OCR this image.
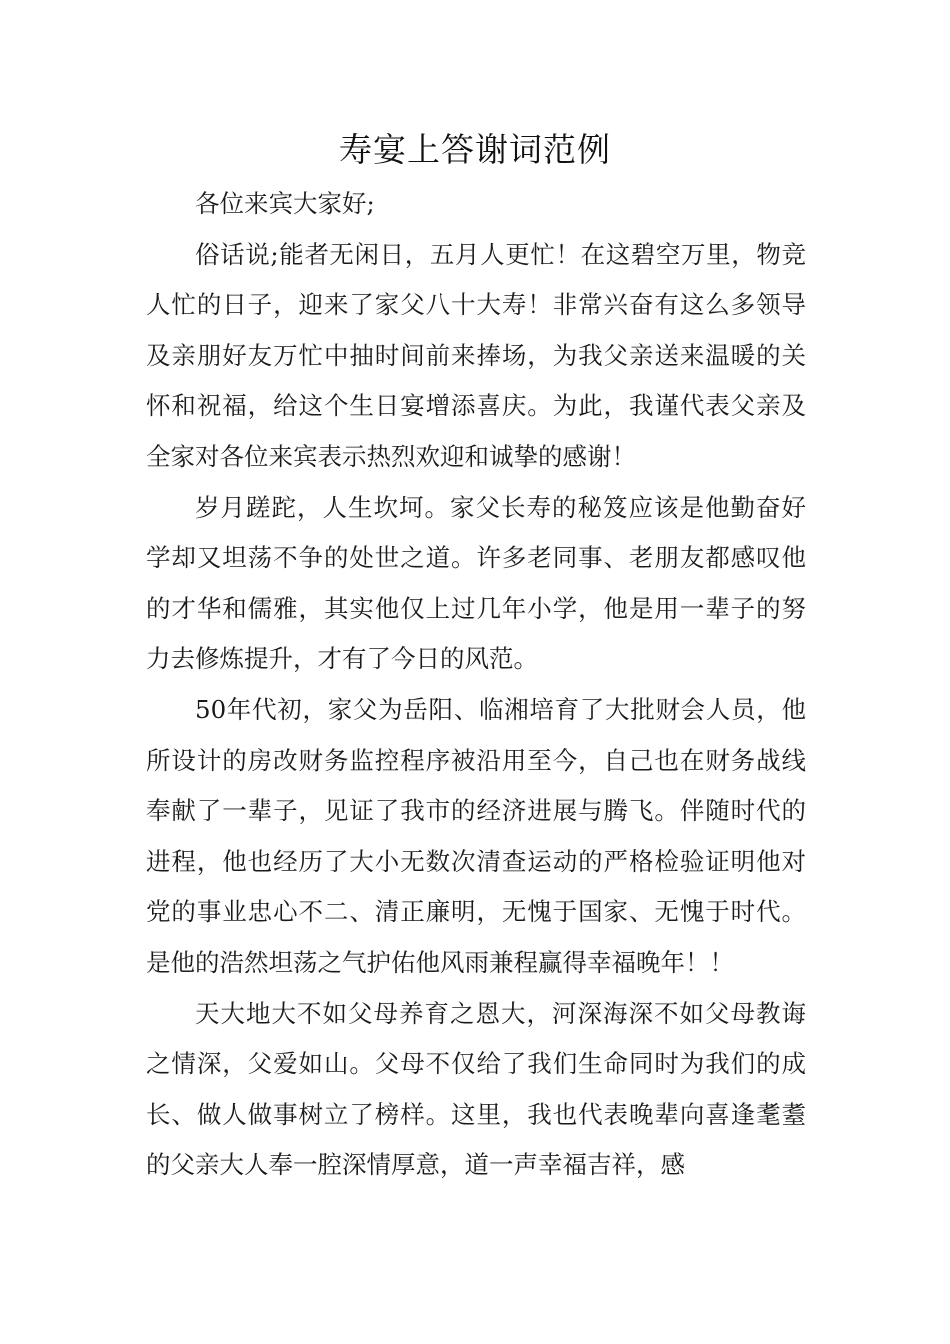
寿宴上答谢词范例

各位来宾大家好;

俗话说;能者无闲日，五月人更忙！在这碧空万里，物竞人忙的日子，迎来了家父八十大寿！非常兴奋有这么多领导及亲朋好友万忙中抽时间前来捧场，为我父亲送来温暖的关怀和祝福，给这个生日宴增添喜庆。为此，我谨代表父亲及全家对各位来宾表示热烈欢迎和诚挚的感谢！

岁月蹉跎，人生坎坷。家父长寿的秘笈应该是他勤奋好学却又坦荡不争的处世之道。许多老同事、老朋友都感叹他的才华和儒雅，其实他仅上过几年小学，他是用一辈子的努力去修炼提升，才有了今日的风范。

50年代初，家父为岳阳、临湘培育了大批财会人员，他所设计的房改财务监控程序被沿用至今，自己也在财务战线奉献了一辈子，见证了我市的经济进展与腾飞。伴随时代的进程，他也经历了大小无数次清查运动的严格检验证明他对党的事业忠心不二、清正廉明，无愧于国家、无愧于时代。是他的浩然坦荡之气护佑他风雨兼程赢得幸福晚年！！

天大地大不如父母养育之恩大，河深海深不如父母教诲之情深，父爱如山。父母不仅给了我们生命同时为我们的成长、做人做事树立了榜样。这里，我也代表晚辈向喜逢耄耋的父亲大人奉一腔深情厚意，道一声幸福吉祥，感
